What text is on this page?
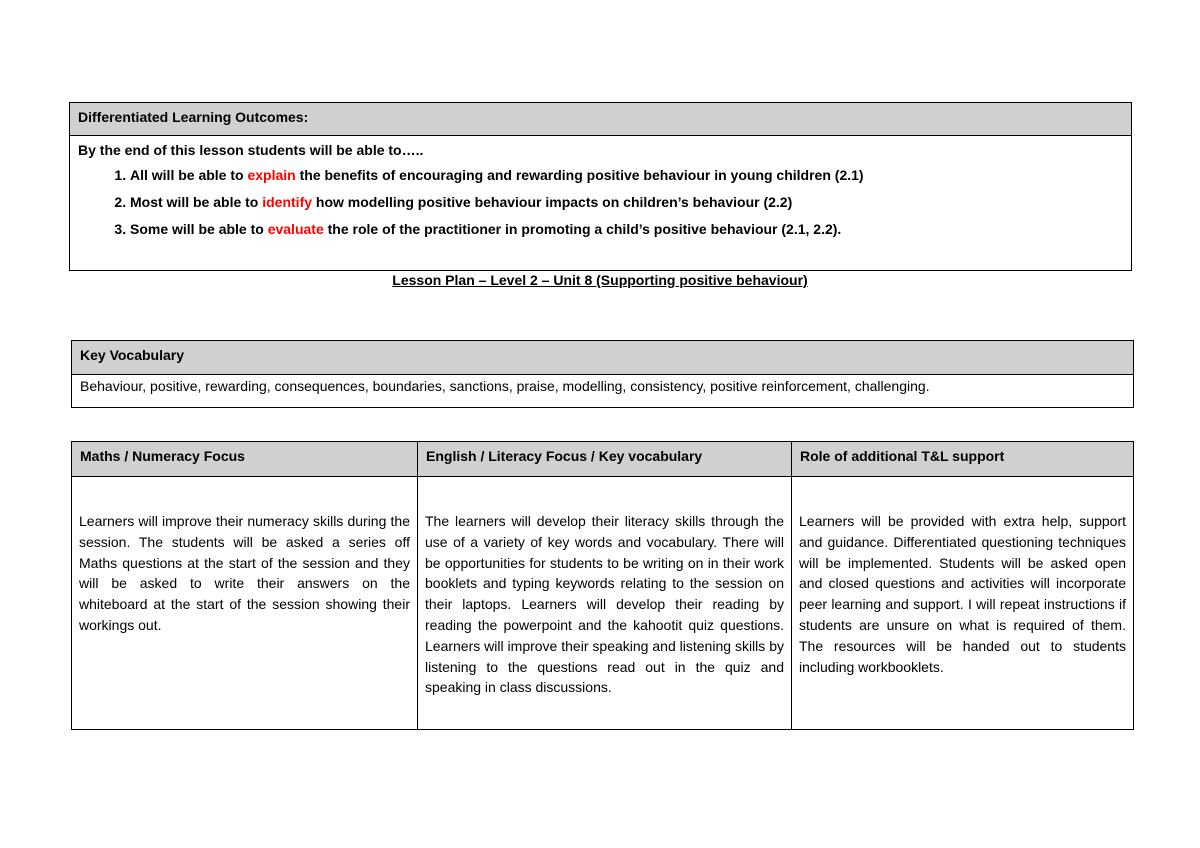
Differentiated Learning Outcomes:
By the end of this lesson students will be able to…..
1. All will be able to explain the benefits of encouraging and rewarding positive behaviour in young children (2.1)
2. Most will be able to identify how modelling positive behaviour impacts on children’s behaviour (2.2)
3. Some will be able to evaluate the role of the practitioner in promoting a child’s positive behaviour (2.1, 2.2).
Lesson Plan – Level 2 – Unit 8 (Supporting positive behaviour)
Key Vocabulary
Behaviour, positive, rewarding, consequences, boundaries, sanctions, praise, modelling, consistency, positive reinforcement, challenging.
Maths / Numeracy Focus
Learners will improve their numeracy skills during the session. The students will be asked a series off Maths questions at the start of the session and they will be asked to write their answers on the whiteboard at the start of the session showing their workings out.
English / Literacy Focus / Key vocabulary
The learners will develop their literacy skills through the use of a variety of key words and vocabulary. There will be opportunities for students to be writing on in their work booklets and typing keywords relating to the session on their laptops. Learners will develop their reading by reading the powerpoint and the kahootit quiz questions. Learners will improve their speaking and listening skills by listening to the questions read out in the quiz and speaking in class discussions.
Role of additional T&L support
Learners will be provided with extra help, support and guidance. Differentiated questioning techniques will be implemented. Students will be asked open and closed questions and activities will incorporate peer learning and support. I will repeat instructions if students are unsure on what is required of them. The resources will be handed out to students including workbooklets.
